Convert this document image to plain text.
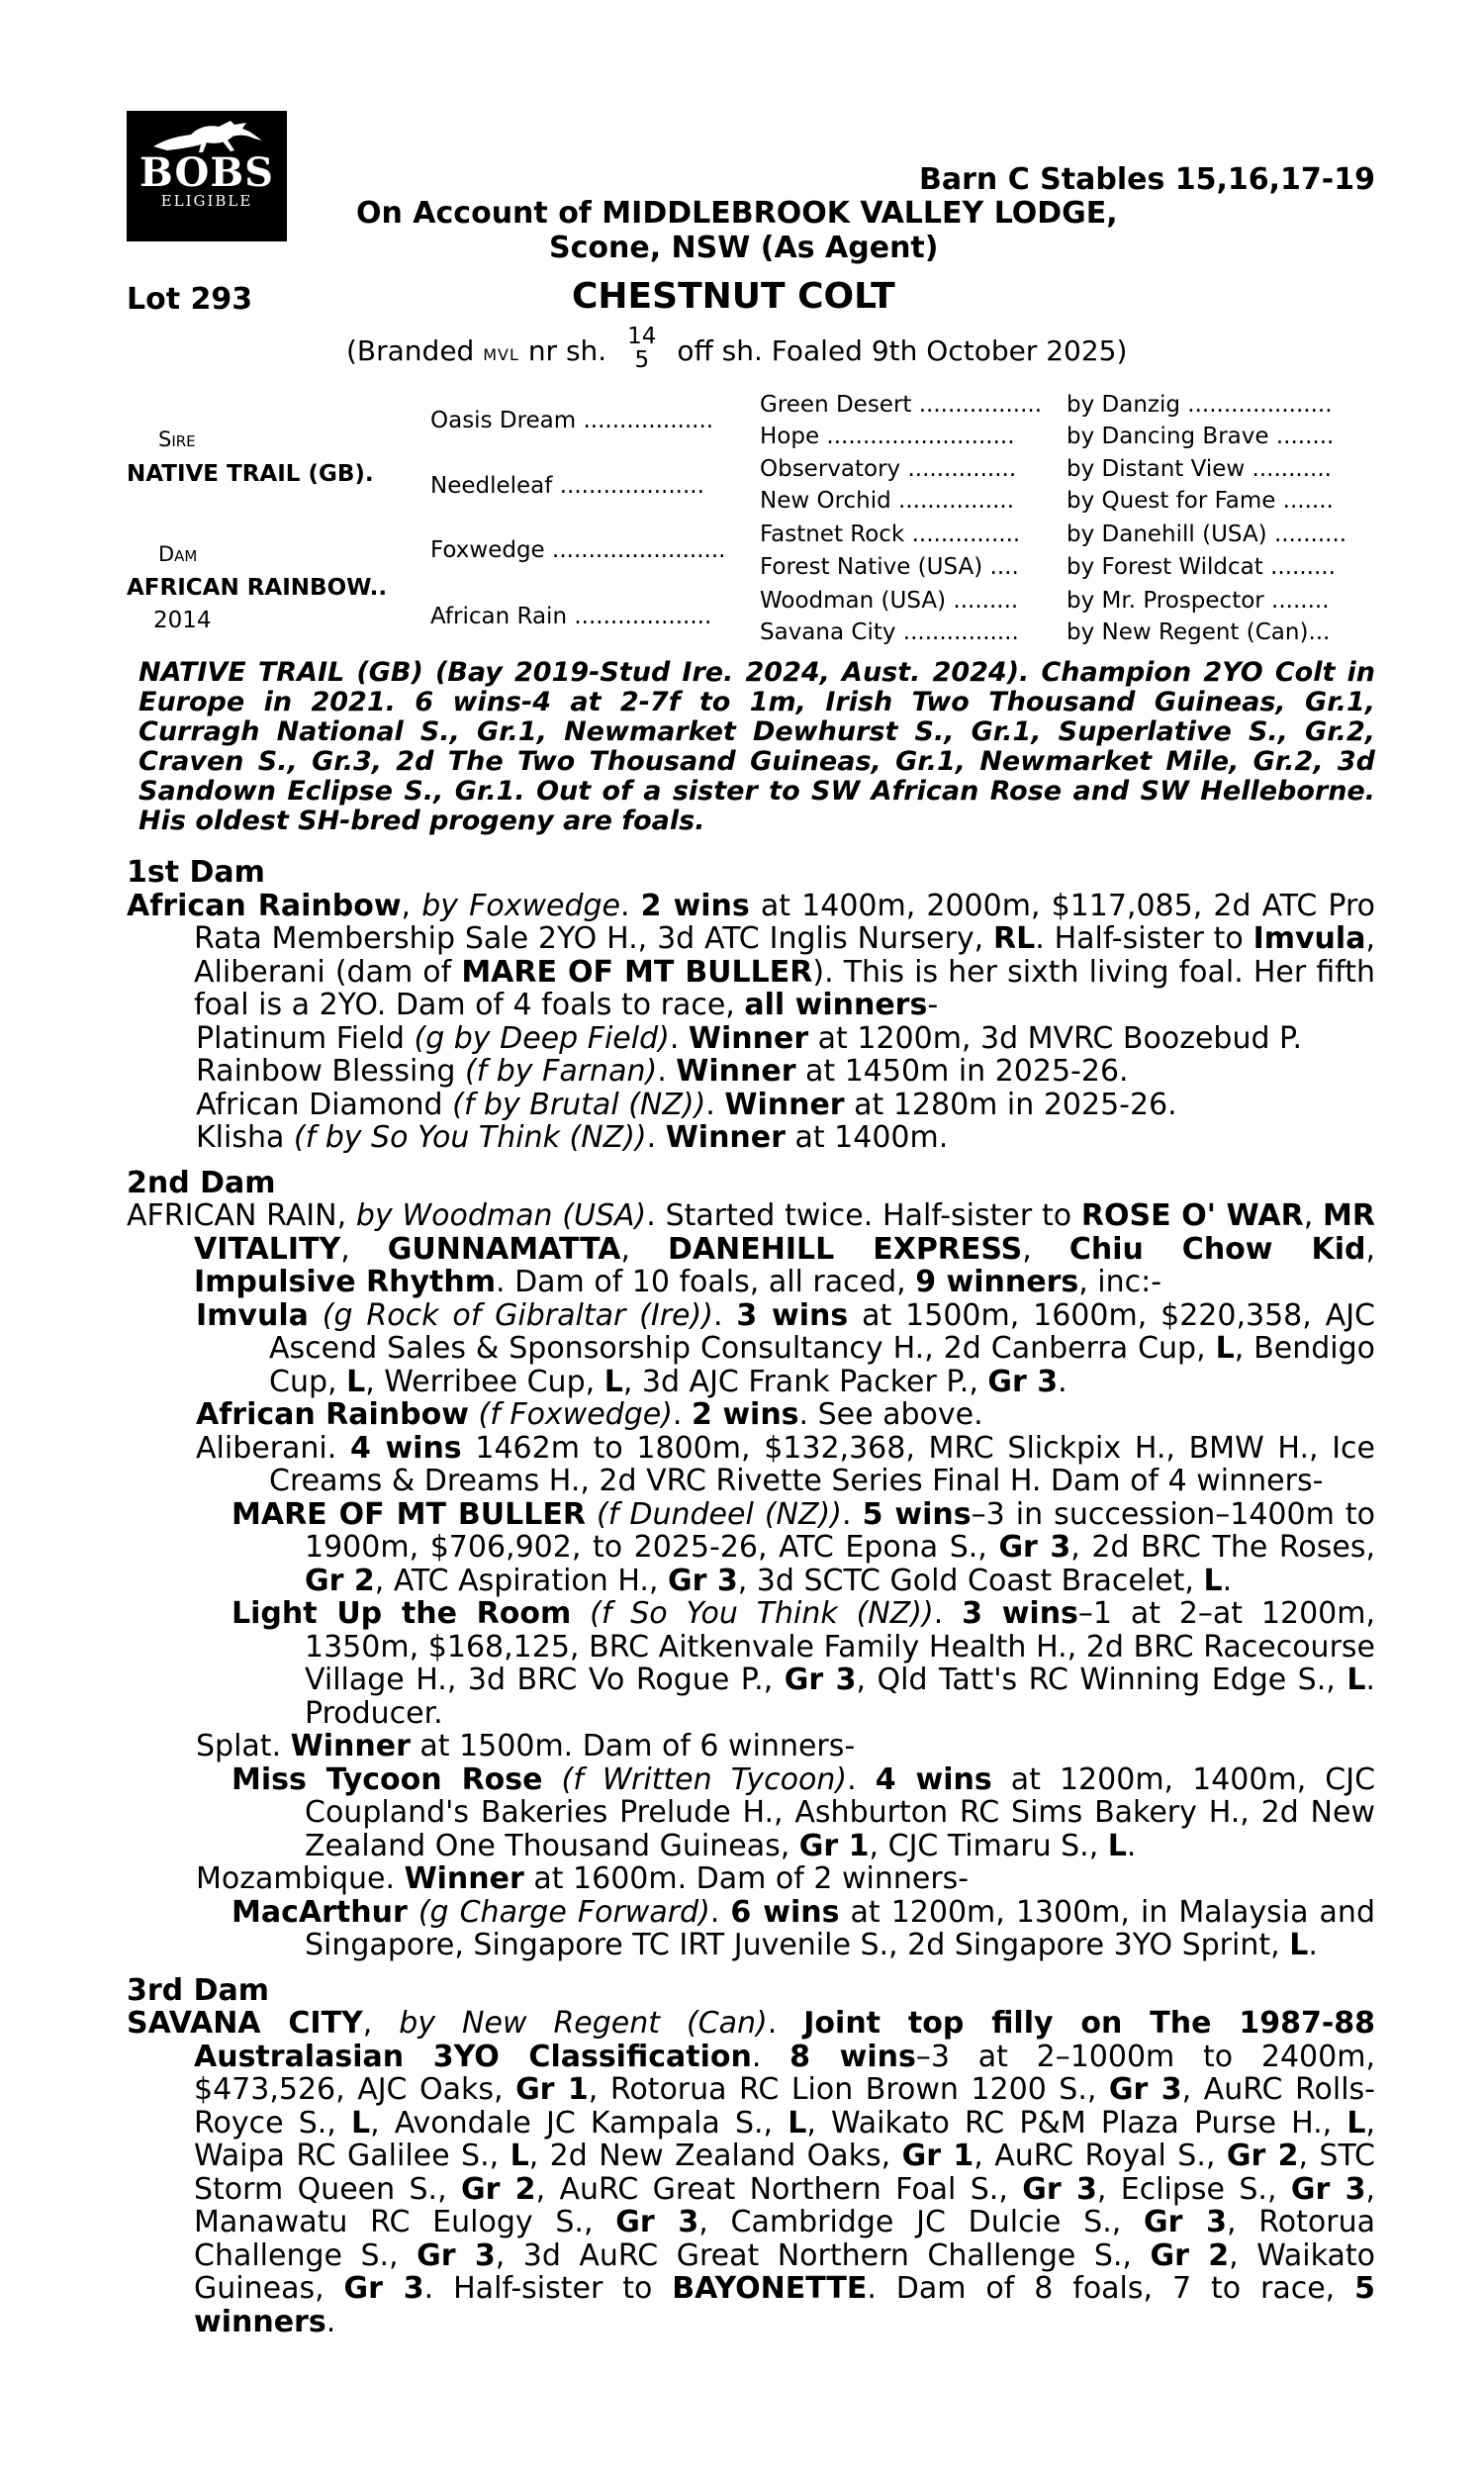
BOBS
ELIGIBLE
Barn C Stables 15,16,17-19
On Account of MIDDLEBROOK VALLEY LODGE,
Scone, NSW (As Agent)
Lot 293	CHESTNUT COLT
(Branded MVL nr sh. 14
5 off sh. Foaled 9th October 2025)
Sire
NATIVE TRAIL (GB).
Dam
AFRICAN RAINBOW..
2014
Oasis Dream ..................
Needleleaf ....................
Foxwedge ........................
African Rain ...................
Green Desert .................
Hope ..........................
Observatory ...............
New Orchid ................
Fastnet Rock ...............
Forest Native (USA) ....
Woodman (USA) .........
Savana City ................
by Danzig ....................
by Dancing Brave ........
by Distant View ...........
by Quest for Fame .......
by Danehill (USA) ..........
by Forest Wildcat .........
by Mr. Prospector ........
by New Regent (Can)...
NATIVE TRAIL (GB) (Bay 2019-Stud Ire. 2024, Aust. 2024). Champion 2YO Colt in Europe in 2021. 6 wins-4 at 2-7f to 1m, Irish Two Thousand Guineas, Gr.1, Curragh National S., Gr.1, Newmarket Dewhurst S., Gr.1, Superlative S., Gr.2, Craven S., Gr.3, 2d The Two Thousand Guineas, Gr.1, Newmarket Mile, Gr.2, 3d Sandown Eclipse S., Gr.1. Out of a sister to SW African Rose and SW Helleborne. His oldest SH-bred progeny are foals.

1st Dam

African Rainbow, by Foxwedge. 2 wins at 1400m, 2000m, $117,085, 2d ATC Pro Rata Membership Sale 2YO H., 3d ATC Inglis Nursery, RL. Half-sister to Imvula, Aliberani (dam of MARE OF MT BULLER). This is her sixth living foal. Her fifth foal is a 2YO. Dam of 4 foals to race, all winners-

Platinum Field (g by Deep Field). Winner at 1200m, 3d MVRC Boozebud P.

Rainbow Blessing (f by Farnan). Winner at 1450m in 2025-26.

African Diamond (f by Brutal (NZ)). Winner at 1280m in 2025-26.

Klisha (f by So You Think (NZ)). Winner at 1400m.

2nd Dam

AFRICAN RAIN, by Woodman (USA). Started twice. Half-sister to ROSE O' WAR, MR VITALITY, GUNNAMATTA, DANEHILL EXPRESS, Chiu Chow Kid, Impulsive Rhythm. Dam of 10 foals, all raced, 9 winners, inc:-

Imvula (g Rock of Gibraltar (Ire)). 3 wins at 1500m, 1600m, $220,358, AJC Ascend Sales & Sponsorship Consultancy H., 2d Canberra Cup, L, Bendigo Cup, L, Werribee Cup, L, 3d AJC Frank Packer P., Gr 3.

African Rainbow (f Foxwedge). 2 wins. See above.

Aliberani. 4 wins 1462m to 1800m, $132,368, MRC Slickpix H., BMW H., Ice Creams & Dreams H., 2d VRC Rivette Series Final H. Dam of 4 winners-

MARE OF MT BULLER (f Dundeel (NZ)). 5 wins–3 in succession–1400m to 1900m, $706,902, to 2025-26, ATC Epona S., Gr 3, 2d BRC The Roses, Gr 2, ATC Aspiration H., Gr 3, 3d SCTC Gold Coast Bracelet, L.

Light Up the Room (f So You Think (NZ)). 3 wins–1 at 2–at 1200m, 1350m, $168,125, BRC Aitkenvale Family Health H., 2d BRC Racecourse Village H., 3d BRC Vo Rogue P., Gr 3, Qld Tatt's RC Winning Edge S., L. Producer.

Splat. Winner at 1500m. Dam of 6 winners-

Miss Tycoon Rose (f Written Tycoon). 4 wins at 1200m, 1400m, CJC Coupland's Bakeries Prelude H., Ashburton RC Sims Bakery H., 2d New Zealand One Thousand Guineas, Gr 1, CJC Timaru S., L.

Mozambique. Winner at 1600m. Dam of 2 winners-

MacArthur (g Charge Forward). 6 wins at 1200m, 1300m, in Malaysia and Singapore, Singapore TC IRT Juvenile S., 2d Singapore 3YO Sprint, L.

3rd Dam

SAVANA CITY, by New Regent (Can). Joint top filly on The 1987-88 Australasian 3YO Classification. 8 wins–3 at 2–1000m to 2400m, $473,526, AJC Oaks, Gr 1, Rotorua RC Lion Brown 1200 S., Gr 3, AuRC Rolls-Royce S., L, Avondale JC Kampala S., L, Waikato RC P&M Plaza Purse H., L, Waipa RC Galilee S., L, 2d New Zealand Oaks, Gr 1, AuRC Royal S., Gr 2, STC Storm Queen S., Gr 2, AuRC Great Northern Foal S., Gr 3, Eclipse S., Gr 3, Manawatu RC Eulogy S., Gr 3, Cambridge JC Dulcie S., Gr 3, Rotorua Challenge S., Gr 3, 3d AuRC Great Northern Challenge S., Gr 2, Waikato Guineas, Gr 3. Half-sister to BAYONETTE. Dam of 8 foals, 7 to race, 5 winners.
